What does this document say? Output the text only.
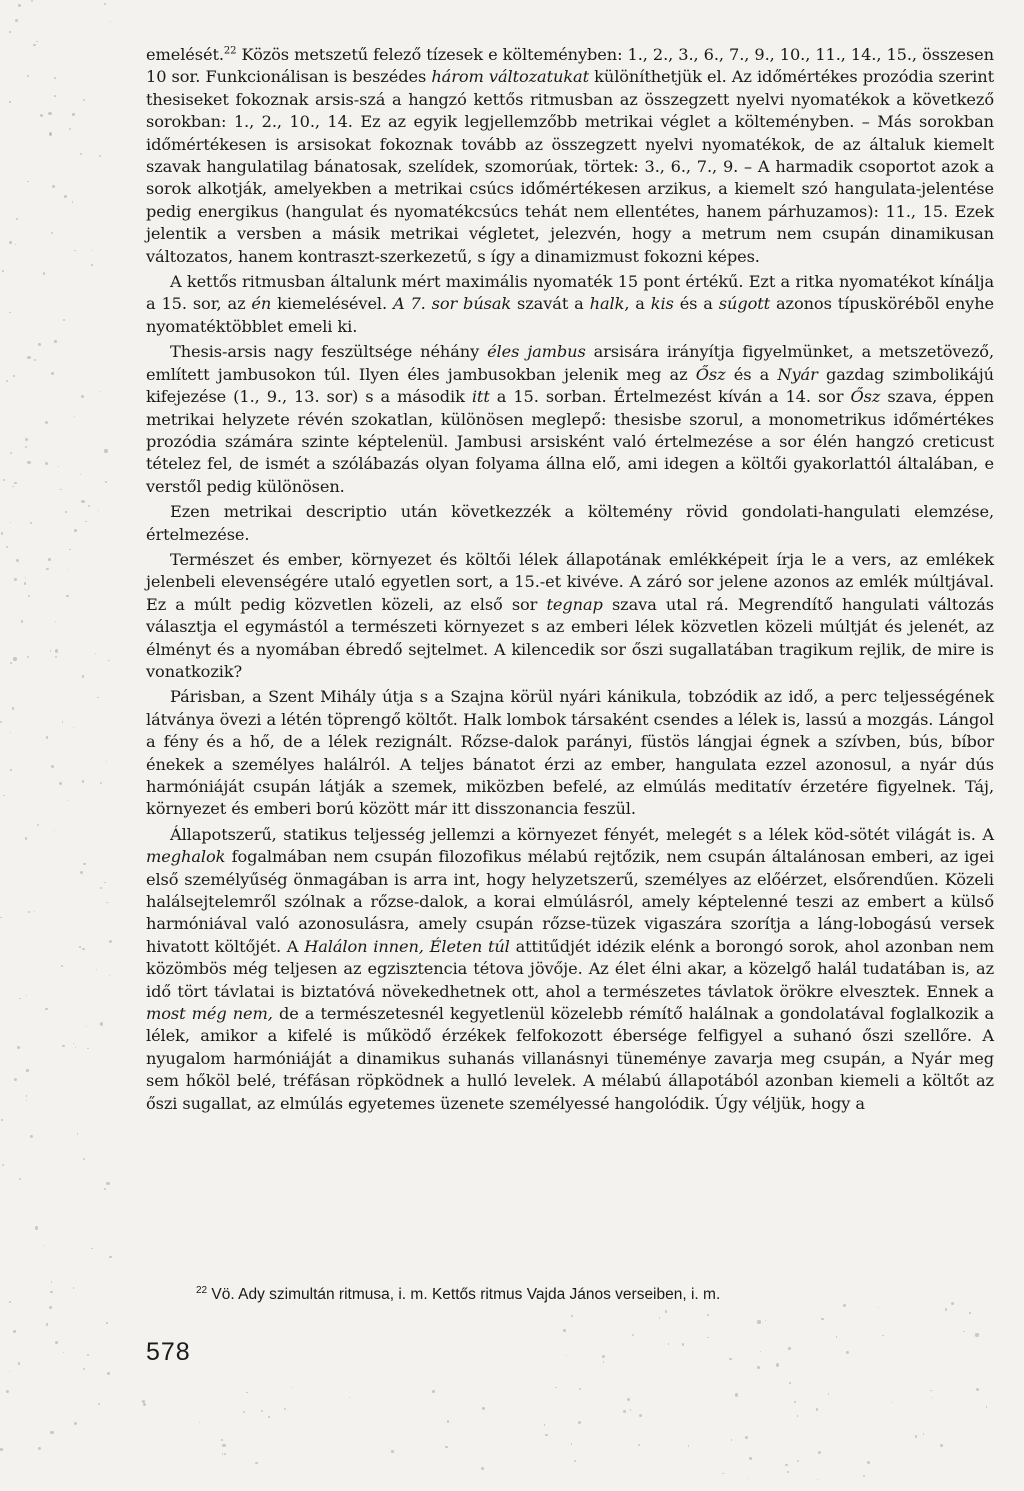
emelését.$^{22}$ Közös metszetű felező tízesek e költeményben: 1., 2., 3., 6., 7., 9., 10., 11., 14., 15., összesen 10 sor. Funkcionálisan is beszédes három változatukat különíthetjük el. Az időmértékes prozódia szerint thesiseket fokoznak arsis-szá a hangzó kettős ritmusban az összegzett nyelvi nyomatékok a következő sorokban: 1., 2., 10., 14. Ez az egyik legjellemzőbb metrikai véglet a költeményben. – Más sorokban időmértékesen is arsisokat fokoznak tovább az összegzett nyelvi nyomatékok, de az általuk kiemelt szavak hangulatilag bánatosak, szelídek, szomorúak, törtek: 3., 6., 7., 9. – A harmadik csoportot azok a sorok alkotják, amelyekben a metrikai csúcs időmértékesen arzikus, a kiemelt szó hangulata-jelentése pedig energikus (hangulat és nyomatékcsúcs tehát nem ellentétes, hanem párhuzamos): 11., 15. Ezek jelentik a versben a másik metrikai végletet, jelezvén, hogy a metrum nem csupán dinamikusan változatos, hanem kontraszt-szerkezetű, s így a dinamizmust fokozni képes.

A kettős ritmusban általunk mért maximális nyomaték 15 pont értékű. Ezt a ritka nyomatékot kínálja a 15. sor, az én kiemelésével. A 7. sor búsak szavát a halk, a kis és a súgott azonos típuskörébõl enyhe nyomatéktöbblet emeli ki.

Thesis-arsis nagy feszültsége néhány éles jambus arsisára irányítja figyelmünket, a metszetövező, említett jambusokon túl. Ilyen éles jambusokban jelenik meg az Ősz és a Nyár gazdag szimbolikájú kifejezése (1., 9., 13. sor) s a második itt a 15. sorban. Értelmezést kíván a 14. sor Ősz szava, éppen metrikai helyzete révén szokatlan, különösen meglepő: thesisbe szorul, a monometrikus időmértékes prozódia számára szinte képtelenül. Jambusi arsisként való értelmezése a sor élén hangzó creticust tételez fel, de ismét a szólábazás olyan folyama állna elő, ami idegen a költői gyakorlattól általában, e verstől pedig különösen.

Ezen metrikai descriptio után következzék a költemény rövid gondolati-hangulati elemzése, értelmezése.

Természet és ember, környezet és költői lélek állapotának emlékképeit írja le a vers, az emlékek jelenbeli elevenségére utaló egyetlen sort, a 15.-et kivéve. A záró sor jelene azonos az emlék múltjával. Ez a múlt pedig közvetlen közeli, az első sor tegnap szava utal rá. Megrendítő hangulati változás választja el egymástól a természeti környezet s az emberi lélek közvetlen közeli múltját és jelenét, az élményt és a nyomában ébredő sejtelmet. A kilencedik sor őszi sugallatában tragikum rejlik, de mire is vonatkozik?

Párisban, a Szent Mihály útja s a Szajna körül nyári kánikula, tobzódik az idő, a perc teljességének látványa övezi a létén töprengő költőt. Halk lombok társaként csendes a lélek is, lassú a mozgás. Lángol a fény és a hő, de a lélek rezignált. Rőzse-dalok parányi, füstös lángjai égnek a szívben, bús, bíbor énekek a személyes halálról. A teljes bánatot érzi az ember, hangulata ezzel azonosul, a nyár dús harmóniáját csupán látják a szemek, miközben befelé, az elmúlás meditatív érzetére figyelnek. Táj, környezet és emberi ború között már itt disszonancia feszül.

Állapotszerű, statikus teljesség jellemzi a környezet fényét, melegét s a lélek köd-sötét világát is. A meghalok fogalmában nem csupán filozofikus mélabú rejtőzik, nem csupán általánosan emberi, az igei első személyűség önmagában is arra int, hogy helyzetszerű, személyes az előérzet, elsőrendűen. Közeli halálsejtelemről szólnak a rőzse-dalok, a korai elmúlásról, amely képtelenné teszi az embert a külső harmóniával való azonosulásra, amely csupán rőzse-tüzek vigaszára szorítja a láng-lobogású versek hivatott költőjét. A Halálon innen, Életen túl attitűdjét idézik elénk a borongó sorok, ahol azonban nem közömbös még teljesen az egzisztencia tétova jövője. Az élet élni akar, a közelgő halál tudatában is, az idő tört távlatai is biztatóvá növekedhetnek ott, ahol a természetes távlatok örökre elvesztek. Ennek a most még nem, de a természetesnél kegyetlenül közelebb rémítő halálnak a gondolatával foglalkozik a lélek, amikor a kifelé is működő érzékek felfokozott ébersége felfigyel a suhanó őszi szellőre. A nyugalom harmóniáját a dinamikus suhanás villanásnyi tüneménye zavarja meg csupán, a Nyár meg sem hőköl belé, tréfásan röpködnek a hulló levelek. A mélabú állapotából azonban kiemeli a költőt az őszi sugallat, az elmúlás egyetemes üzenete személyessé hangolódik. Úgy véljük, hogy a

$^{22}$ Vö. Ady szimultán ritmusa, i. m. Kettős ritmus Vajda János verseiben, i. m.
578
